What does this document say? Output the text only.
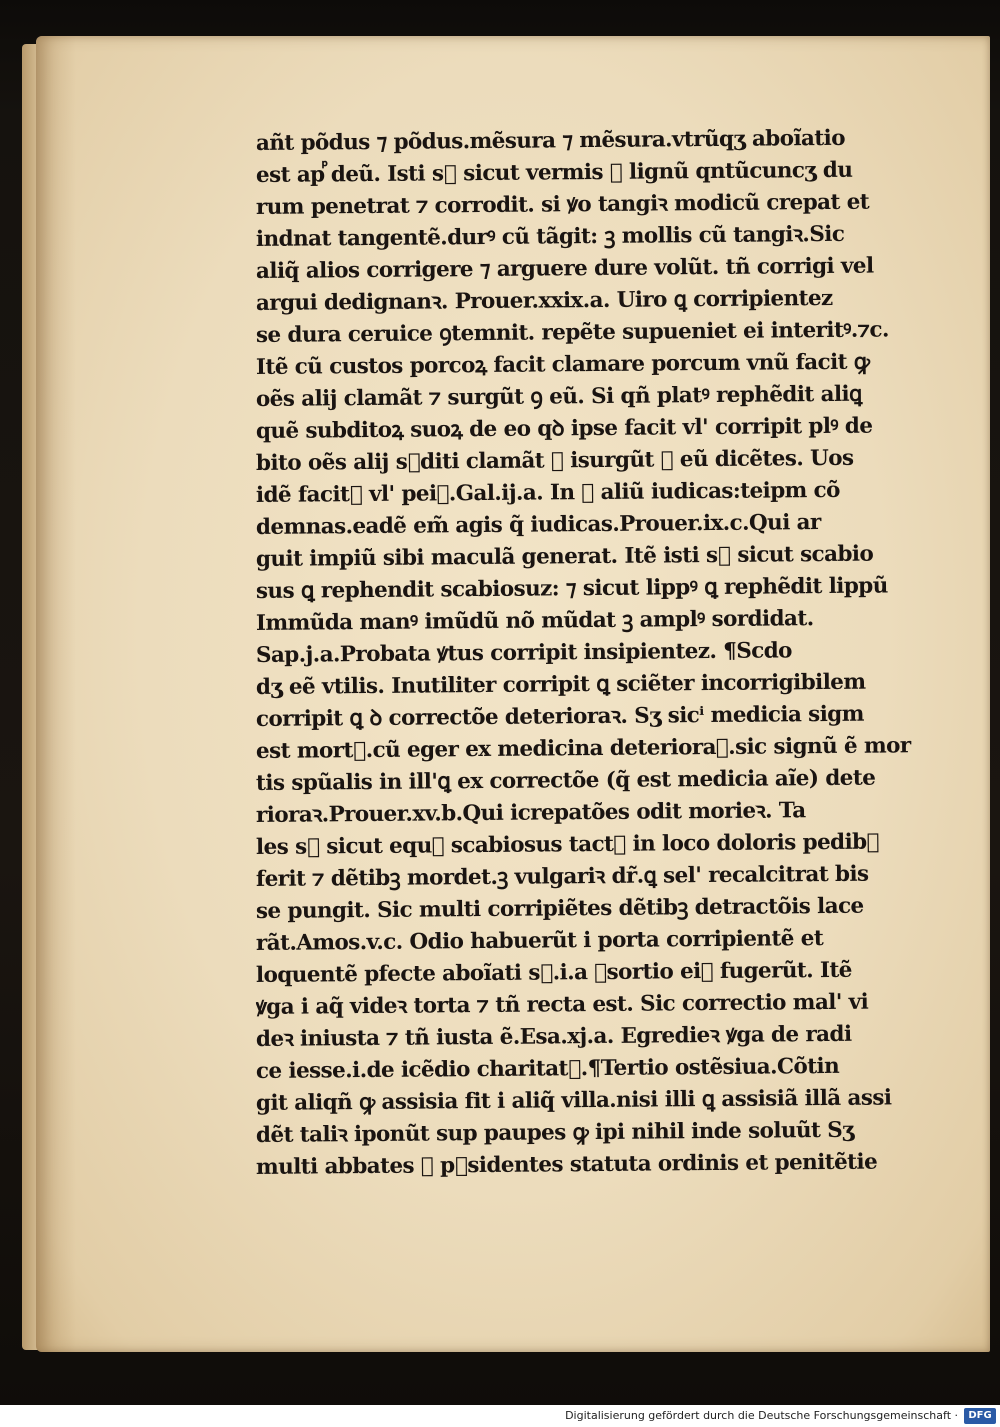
añt põdus ⁊ põdus.mẽsura ⁊ mẽsura.vtrũqʒ aboĩatio
est apⷬ deũ. Isti sᷣ sicut vermis ꝗ lignũ qntũcuncʒ du
rum penetrat ⁊ corrodit. si ꝟo tangiꝛ modicũ crepat et
indnat tangentẽ.durꝰ cũ tãgit: ꝫ mollis cũ tangiꝛ.Sic
aliq̃ alios corrigere ⁊ arguere dure volũt. tñ corrigi vel
argui dedignanꝛ. Prouer.xxix.a. Uiro ꝗ corripientez
se dura ceruice ꝯtemnit. repẽte supueniet ei interitꝰ.⁊c.
Itẽ cũ custos porcoꝝ facit clamare porcum vnũ facit ꝙ
oẽs alij clamãt ⁊ surgũt ꝯ eũ. Si qñ platꝰ rephẽdit aliꝗ
quẽ subditoꝝ suoꝝ de eo qꝺ ipse facit vl' corripit plꝰ de
bito oẽs alij sᷣditi clamãt ⁊ isurgũt ꝯ eũ dicẽtes. Uos
idẽ facitᷣ vl' peiꝰ.Gal.ij.a. In ꝗ aliũ iudicas:teipm cõ
demnas.eadẽ em̃ agis q̃ iudicas.Prouer.ix.c.Qui ar
guit impiũ sibi maculã generat. Itẽ isti sᷣ sicut scabio
sus ꝗ rephendit scabiosuz: ⁊ sicut lippꝰ ꝗ rephẽdit lippũ
Immũda manꝰ imũdũ nõ mũdat ꝫ amplꝰ sordidat.
Sap.j.a.Probata ꝟtus corripit insipientez. ¶Scdo
dʒ eẽ vtilis. Inutiliter corripit ꝗ sciẽter incorrigibilem
corripit ꝗ ꝺ correctõe deterioraꝛ. Sʒ sicⁱ medicia sigm
est mortᷣ.cũ eger ex medicina deterioraꝛ.sic signũ ẽ mor
tis spũalis in ill'ꝗ ex correctõe (q̃ est medicia aĩe) dete
rioraꝛ.Prouer.xv.b.Qui icrepatões odit morieꝛ. Ta
les sᷣ sicut equꝰ scabiosus tactꝰ in loco doloris pedibꝫ
ferit ⁊ dẽtibꝫ mordet.ꝫ vulgariꝛ dr̃.ꝗ sel' recalcitrat bis
se pungit. Sic multi corripiẽtes dẽtibꝫ detractõis lace
rãt.Amos.v.c. Odio habuerũt i porta corripientẽ et
loquentẽ pfecte aboĩati sᷣ.i.a ꝯsortio eiꝰ fugerũt. Itẽ
ꝟga i aq̃ videꝛ torta ⁊ tñ recta est. Sic correctio mal' vi
deꝛ iniusta ⁊ tñ iusta ẽ.Esa.xj.a. Egredieꝛ ꝟga de radi
ce iesse.i.de icẽdio charitatᷣ.¶Tertio ostẽsiua.Cõtin
git aliqñ ꝙ assisia fit i aliq̃ villa.nisi illi ꝗ assisiã illã assi
dẽt taliꝛ iponũt sup paupes ꝙ ipi nihil inde soluũt Sʒ
multi abbates ⁊ pᷣsidentes statuta ordinis et penitẽtie
Digitalisierung gefördert durch die Deutsche Forschungsgemeinschaft ·	DFG
